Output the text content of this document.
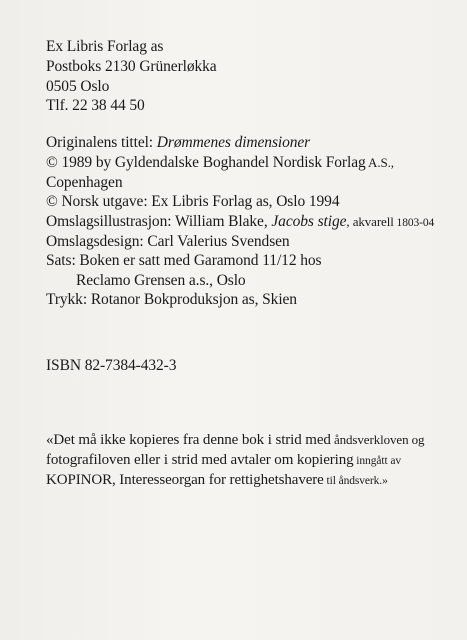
Ex Libris Forlag as
Postboks 2130 Grünerløkka
0505 Oslo
Tlf. 22 38 44 50
Originalens tittel: Drømmenes dimensioner
© 1989 by Gyldendalske Boghandel Nordisk Forlag A.S.,
Copenhagen
© Norsk utgave: Ex Libris Forlag as, Oslo 1994
Omslagsillustrasjon: William Blake, Jacobs stige, akvarell 1803-04
Omslagsdesign: Carl Valerius Svendsen
Sats: Boken er satt med Garamond 11/12 hos
Reclamo Grensen a.s., Oslo
Trykk: Rotanor Bokproduksjon as, Skien
ISBN 82-7384-432-3
«Det må ikke kopieres fra denne bok i strid med åndsverkloven og
fotografiloven eller i strid med avtaler om kopiering inngått av
KOPINOR, Interesseorgan for rettighetshavere til åndsverk.»
